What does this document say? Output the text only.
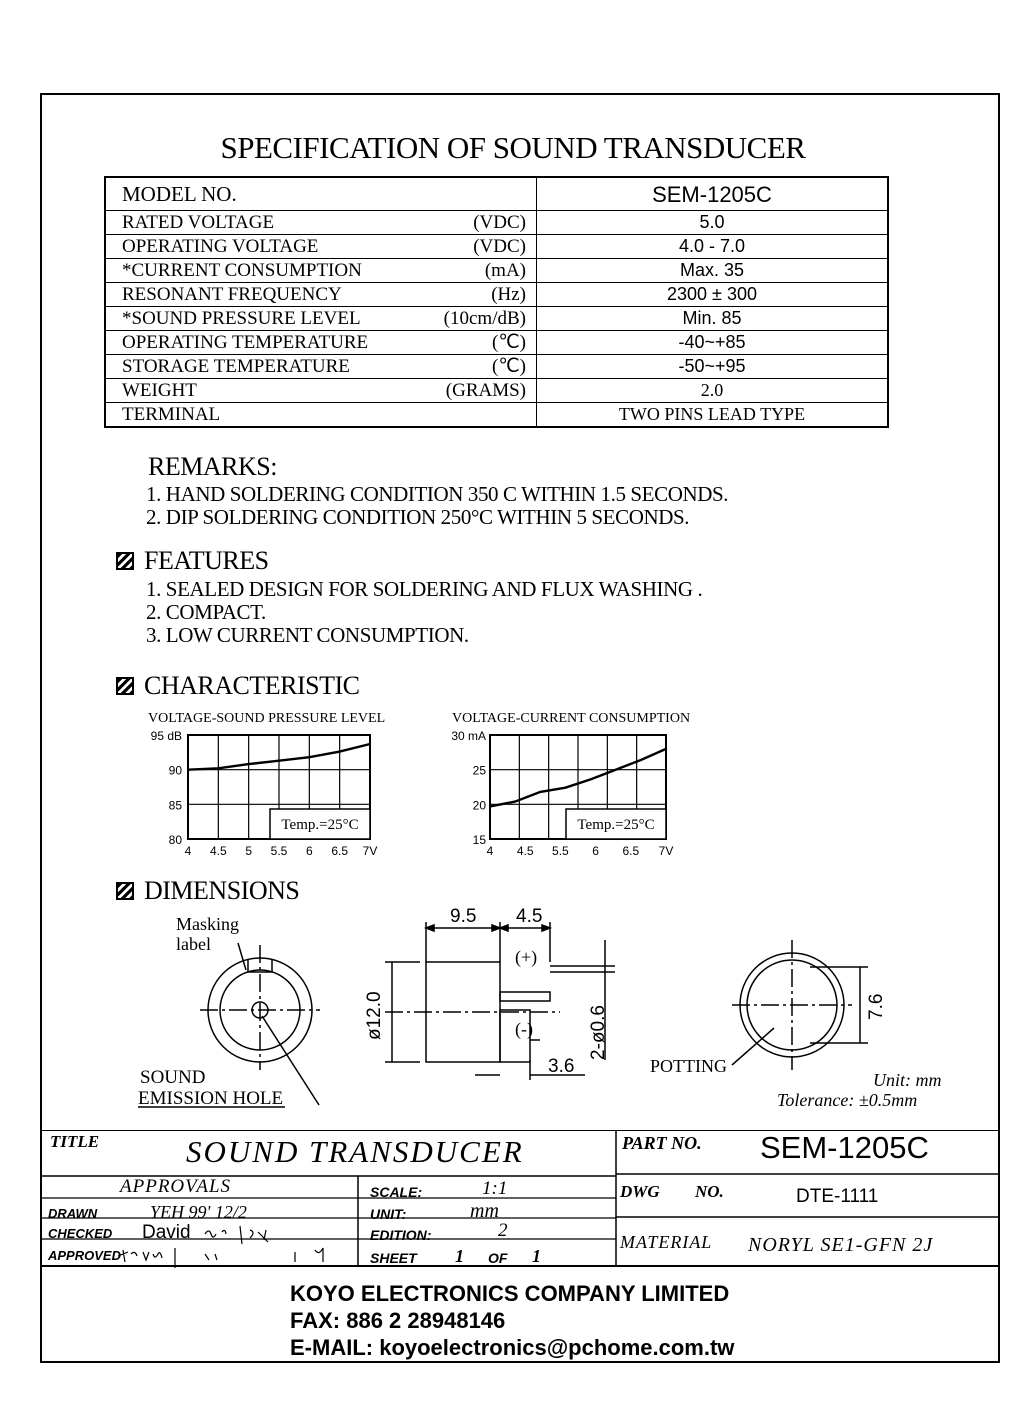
SPECIFICATION OF SOUND TRANSDUCER
MODEL NO.		SEM-1205C
RATED VOLTAGE	(VDC)	5.0
OPERATING VOLTAGE	(VDC)	4.0 - 7.0
*CURRENT CONSUMPTION	(mA)	Max. 35
RESONANT FREQUENCY	(Hz)	2300 ± 300
*SOUND PRESSURE LEVEL	(10cm/dB)	Min. 85
OPERATING TEMPERATURE	(℃)	-40~+85
STORAGE TEMPERATURE	(℃)	-50~+95
WEIGHT	(GRAMS)	2.0
TERMINAL		TWO PINS LEAD TYPE
REMARKS:
1. HAND SOLDERING CONDITION 350 C WITHIN 1.5 SECONDS.
2. DIP SOLDERING CONDITION 250°C WITHIN 5 SECONDS.
FEATURES
1. SEALED DESIGN FOR SOLDERING AND FLUX WASHING .
2. COMPACT.
3. LOW CURRENT CONSUMPTION.
CHARACTERISTIC
VOLTAGE-SOUND PRESSURE LEVEL
95 dB
90
85
80
4 4.5 5 5.5 6 6.5 7V
Temp.=25°C
VOLTAGE-CURRENT CONSUMPTION
30 mA
25
20
15
4 4.5 5.5 6 6.5 7V
Temp.=25°C
DIMENSIONS
Masking
label
SOUND
EMISSION HOLE
9.5 4.5
(+)
(-)
ø12.0	2-ø0.6
3.6
7.6
POTTING
Unit: mm
Tolerance: ±0.5mm
TITLE	SOUND TRANSDUCER	PART NO. SEM-1205C
APPROVALS	SCALE:	1:1	DWG NO.	DTE-1111
DRAWN	YEH 99' 12/2	UNIT:	mm
CHECKED David	EDITION:	2
MATERIAL NORYL SE1-GFN 2J
APPROVED	SHEET 1 OF 1
KOYO ELECTRONICS COMPANY LIMITED
FAX: 886 2 28948146
E-MAIL: koyoelectronics@pchome.com.tw
